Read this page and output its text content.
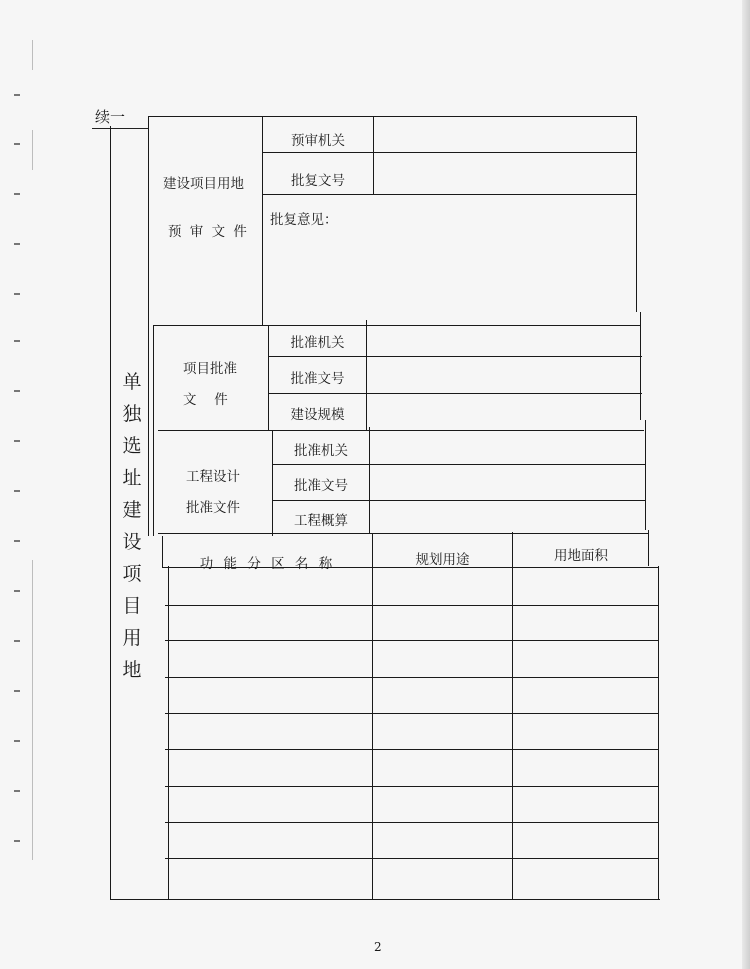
续一
单
独
选
址
建
设
项
目
用
地
建设项目用地
预 审 文 件
预审机关
批复文号
批复意见：
项目批准
文　 件
批准机关
批准文号
建设规模
工程设计
批准文件
批准机关
批准文号
工程概算
功 能 分 区 名 称	规划用途	用地面积
2
